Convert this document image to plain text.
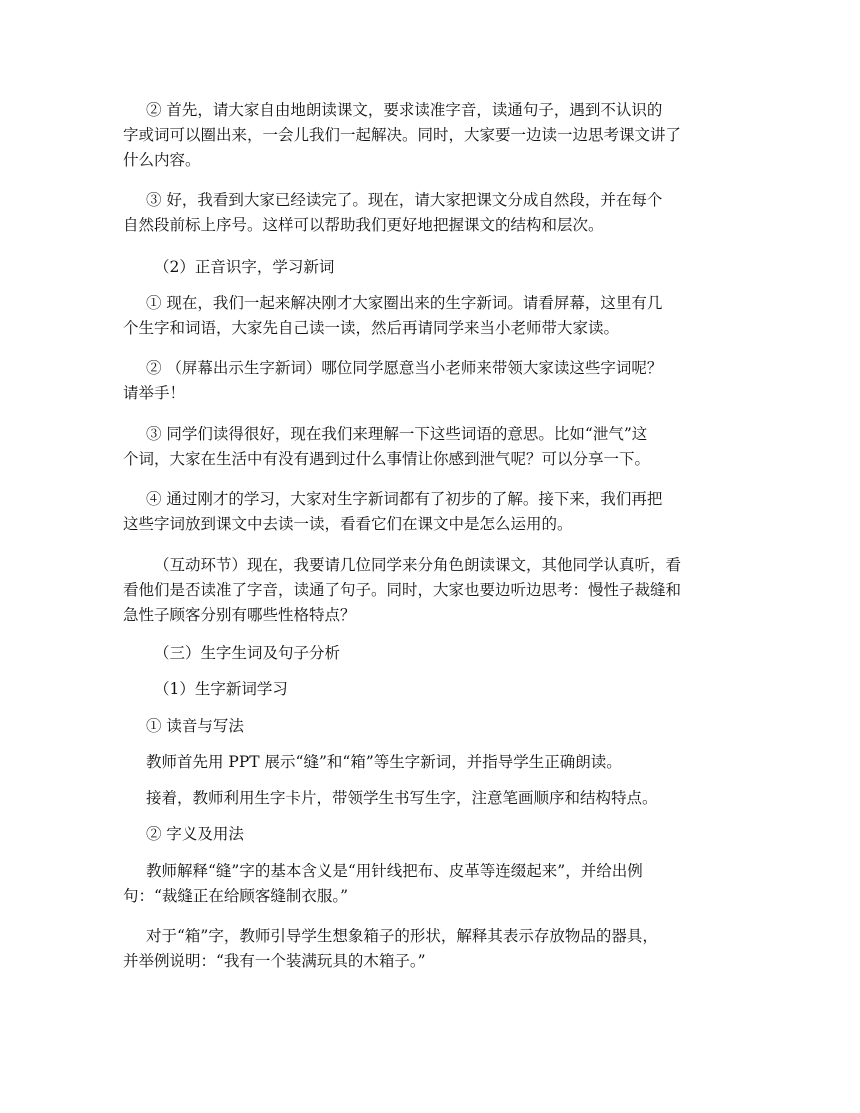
② 首先，请大家自由地朗读课文，要求读准字音，读通句子，遇到不认识的
字或词可以圈出来，一会儿我们一起解决。同时，大家要一边读一边思考课文讲了
什么内容。
③ 好，我看到大家已经读完了。现在，请大家把课文分成自然段，并在每个
自然段前标上序号。这样可以帮助我们更好地把握课文的结构和层次。
（2）正音识字，学习新词
① 现在，我们一起来解决刚才大家圈出来的生字新词。请看屏幕，这里有几
个生字和词语，大家先自己读一读，然后再请同学来当小老师带大家读。
② （屏幕出示生字新词）哪位同学愿意当小老师来带领大家读这些字词呢？
请举手！
③ 同学们读得很好，现在我们来理解一下这些词语的意思。比如“泄气”这
个词，大家在生活中有没有遇到过什么事情让你感到泄气呢？可以分享一下。
④ 通过刚才的学习，大家对生字新词都有了初步的了解。接下来，我们再把
这些字词放到课文中去读一读，看看它们在课文中是怎么运用的。
（互动环节）现在，我要请几位同学来分角色朗读课文，其他同学认真听，看
看他们是否读准了字音，读通了句子。同时，大家也要边听边思考：慢性子裁缝和
急性子顾客分别有哪些性格特点？
（三）生字生词及句子分析
（1）生字新词学习
① 读音与写法
教师首先用 PPT 展示“缝”和“箱”等生字新词，并指导学生正确朗读。
接着，教师利用生字卡片，带领学生书写生字，注意笔画顺序和结构特点。
② 字义及用法
教师解释“缝”字的基本含义是“用针线把布、皮革等连缀起来”，并给出例
句：“裁缝正在给顾客缝制衣服。”
对于“箱”字，教师引导学生想象箱子的形状，解释其表示存放物品的器具，
并举例说明：“我有一个装满玩具的木箱子。”
